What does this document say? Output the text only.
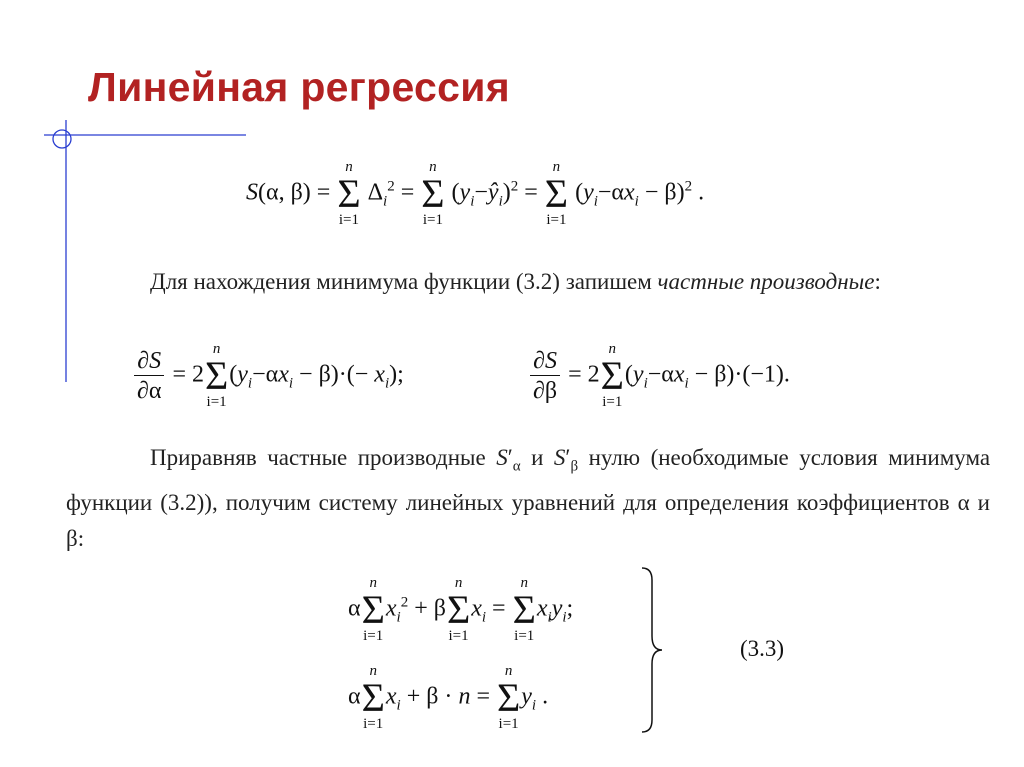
Линейная регрессия
S(α, β) =
n
Σ
i=1
$\Delta_i^2$ =
n
Σ
i=1
$(y_i-ŷ_i)^2$ =
n
Σ
i=1
$(y_i-\alpha x_i - \beta)^2$ .
Для нахождения минимума функции (3.2) запишем частные производные:
$\frac{\partial S}{\partial\alpha} = 2$
n
Σ
i=1
$(y_i-\alpha x_i - \beta)\cdot(- x_i)$;	$\frac{\partial S}{\partial\beta} = 2$
n
Σ
i=1
$(y_i-\alpha x_i - \beta)\cdot(-1)$.
Приравняв частные производные $S'_\alpha$ и $S'_\beta$ нулю (необходимые условия минимума функции (3.2)), получим систему линейных уравнений для определения коэффициентов α и β:
α
n
Σ
i=1
$x_i^2 + \beta$
n
Σ
i=1
$x_i$ =
n
Σ
i=1
$x_iy_i$;
α
n
Σ
i=1
$x_i + \beta \cdot n$ =
n
Σ
i=1
$y_i$ .
(3.3)
